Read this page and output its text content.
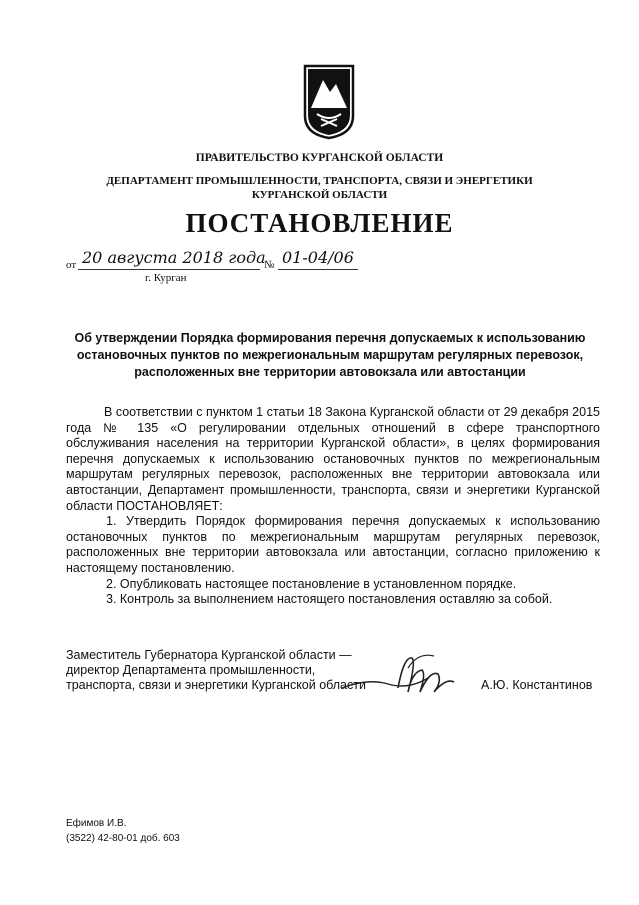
ПРАВИТЕЛЬСТВО КУРГАНСКОЙ ОБЛАСТИ
ДЕПАРТАМЕНТ ПРОМЫШЛЕННОСТИ, ТРАНСПОРТА, СВЯЗИ И ЭНЕРГЕТИКИ
КУРГАНСКОЙ ОБЛАСТИ
ПОСТАНОВЛЕНИЕ
от 20 августа 2018 года
№ 01-04/06
г. Курган
Об утверждении Порядка формирования перечня допускаемых к использованию остановочных пунктов по межрегиональным маршрутам регулярных перевозок, расположенных вне территории автовокзала или автостанции

В соответствии с пунктом 1 статьи 18 Закона Курганской области от 29 декабря 2015 года № 135 «О регулировании отдельных отношений в сфере транспортного обслуживания населения на территории Курганской области», в целях формирования перечня допускаемых к использованию остановочных пунктов по межрегиональным маршрутам регулярных перевозок, расположенных вне территории автовокзала или автостанции, Департамент промышленности, транспорта, связи и энергетики Курганской области ПОСТАНОВЛЯЕТ:

1. Утвердить Порядок формирования перечня допускаемых к использованию остановочных пунктов по межрегиональным маршрутам регулярных перевозок, расположенных вне территории автовокзала или автостанции, согласно приложению к настоящему постановлению.

2. Опубликовать настоящее постановление в установленном порядке.

3. Контроль за выполнением настоящего постановления оставляю за собой.

Заместитель Губернатора Курганской области —
директор Департамента промышленности,
транспорта, связи и энергетики Курганской области	А.Ю. Константинов
Ефимов И.В.
(3522) 42-80-01 доб. 603
